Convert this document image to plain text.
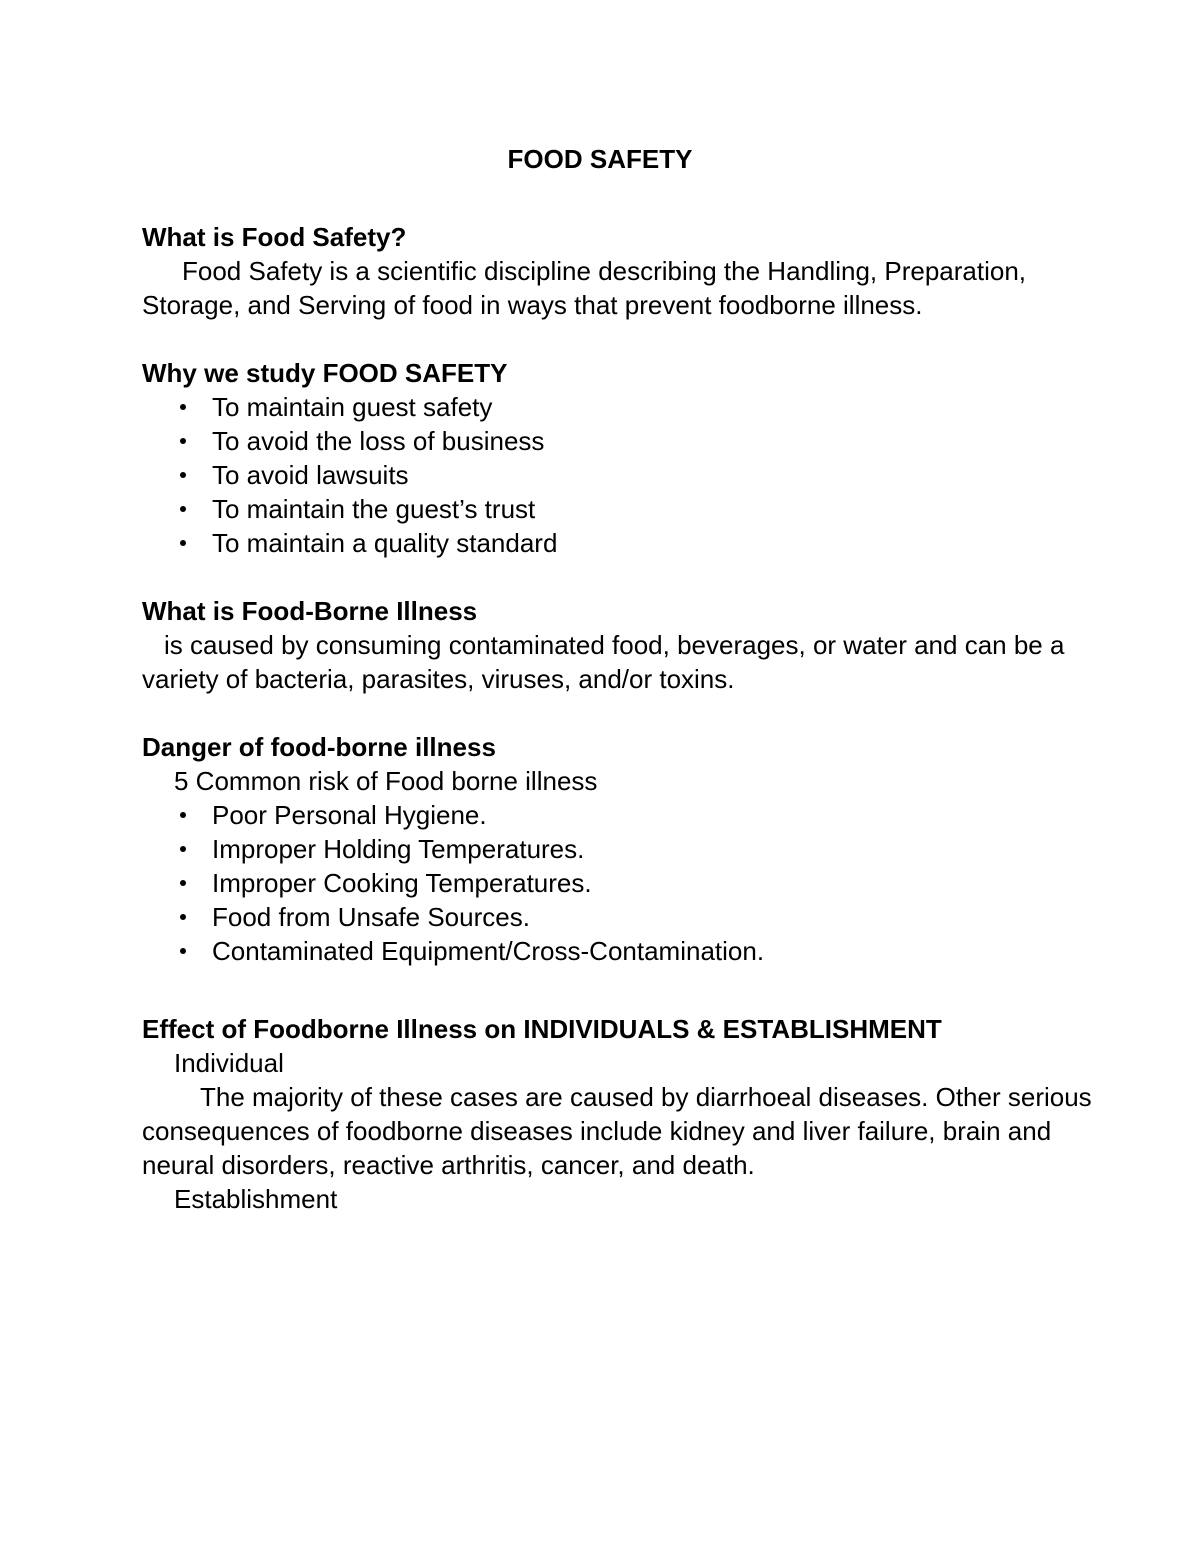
FOOD SAFETY
What is Food Safety?

Food Safety is a scientific discipline describing the Handling, Preparation, Storage, and Serving of food in ways that prevent foodborne illness.

Why we study FOOD SAFETY
To maintain guest safety
To avoid the loss of business
To avoid lawsuits
To maintain the guest’s trust
To maintain a quality standard
What is Food-Borne Illness

is caused by consuming contaminated food, beverages, or water and can be a variety of bacteria, parasites, viruses, and/or toxins.

Danger of food-borne illness

5 Common risk of Food borne illness

Poor Personal Hygiene.
Improper Holding Temperatures.
Improper Cooking Temperatures.
Food from Unsafe Sources.
Contaminated Equipment/Cross-Contamination.
Effect of Foodborne Illness on INDIVIDUALS & ESTABLISHMENT

Individual

The majority of these cases are caused by diarrhoeal diseases. Other serious consequences of foodborne diseases include kidney and liver failure, brain and neural disorders, reactive arthritis, cancer, and death.

Establishment
